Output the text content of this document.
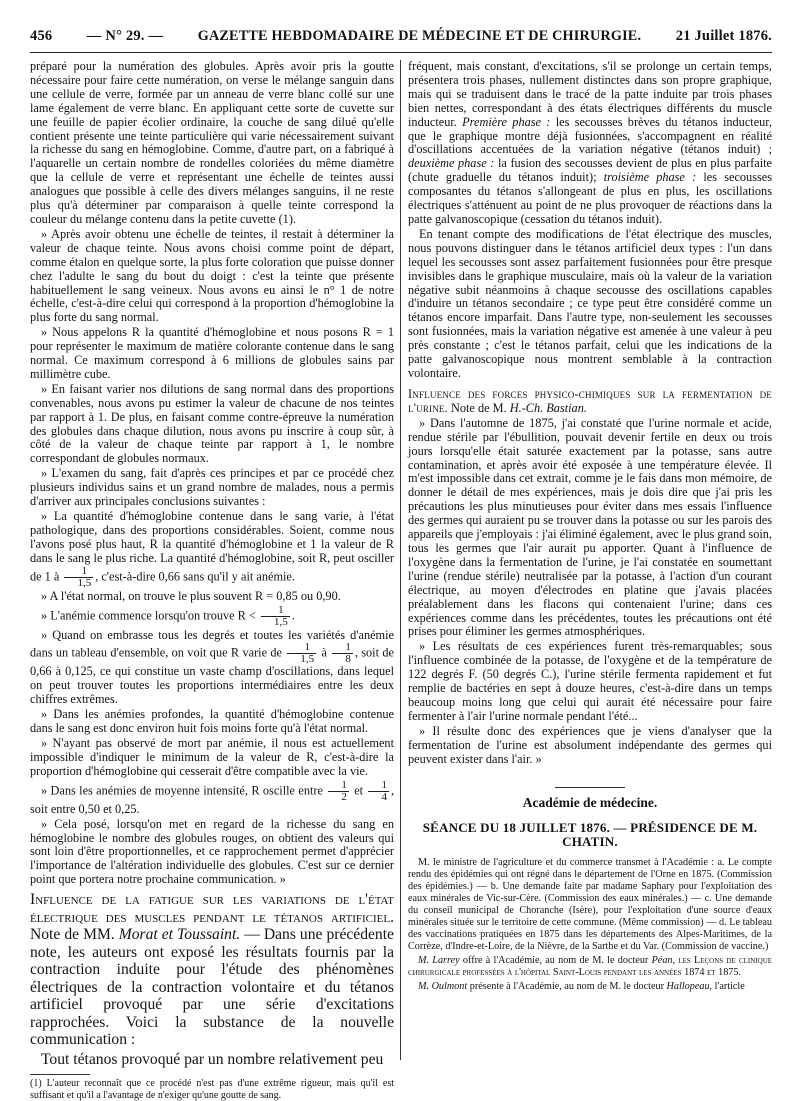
456 — N° 29. — GAZETTE HEBDOMADAIRE DE MÉDECINE ET DE CHIRURGIE. 21 Juillet 1876.

préparé pour la numération des globules. Après avoir pris la goutte nécessaire pour faire cette numération, on verse le mélange sanguin dans une cellule de verre, formée par un anneau de verre blanc collé sur une lame également de verre blanc. En appliquant cette sorte de cuvette sur une feuille de papier écolier ordinaire, la couche de sang dilué qu'elle contient présente une teinte particulière qui varie nécessairement suivant la richesse du sang en hémoglobine. Comme, d'autre part, on a fabriqué à l'aquarelle un certain nombre de rondelles coloriées du même diamètre que la cellule de verre et représentant une échelle de teintes aussi analogues que possible à celle des divers mélanges sanguins, il ne reste plus qu'à déterminer par comparaison à quelle teinte correspond la couleur du mélange contenu dans la petite cuvette (1).

» Après avoir obtenu une échelle de teintes, il restait à déterminer la valeur de chaque teinte. Nous avons choisi comme point de départ, comme étalon en quelque sorte, la plus forte coloration que puisse donner chez l'adulte le sang du bout du doigt : c'est la teinte que présente habituellement le sang veineux. Nous avons eu ainsi le n° 1 de notre échelle, c'est-à-dire celui qui correspond à la proportion d'hémoglobine la plus forte du sang normal.

» Nous appelons R la quantité d'hémoglobine et nous posons R = 1 pour représenter le maximum de matière colorante contenue dans le sang normal. Ce maximum correspond à 6 millions de globules sains par millimètre cube.

» En faisant varier nos dilutions de sang normal dans des proportions convenables, nous avons pu estimer la valeur de chacune de nos teintes par rapport à 1. De plus, en faisant comme contre-épreuve la numération des globules dans chaque dilution, nous avons pu inscrire à coup sûr, à côté de la valeur de chaque teinte par rapport à 1, le nombre correspondant de globules normaux.

» L'examen du sang, fait d'après ces principes et par ce procédé chez plusieurs individus sains et un grand nombre de malades, nous a permis d'arriver aux principales conclusions suivantes :

» La quantité d'hémoglobine contenue dans le sang varie, à l'état pathologique, dans des proportions considérables. Soient, comme nous l'avons posé plus haut, R la quantité d'hémoglobine et 1 la valeur de R dans le sang le plus riche. La quantité d'hémoglobine, soit R, peut osciller de 1 à $\frac{1}{1,5}$ , c'est-à-dire 0,66 sans qu'il y ait anémie.

» A l'état normal, on trouve le plus souvent R = 0,85 ou 0,90.

» L'anémie commence lorsqu'on trouve $R < \frac{1}{1,5}$ .

» Quand on embrasse tous les degrés et toutes les variétés d'anémie dans un tableau d'ensemble, on voit que R varie de $\frac{1}{1,5}$ à $\frac{1}{8}$ , soit de 0,66 à 0,125, ce qui constitue un vaste champ d'oscillations, dans lequel on peut trouver toutes les proportions intermédiaires entre les deux chiffres extrêmes.

» Dans les anémies profondes, la quantité d'hémoglobine contenue dans le sang est donc environ huit fois moins forte qu'à l'état normal.

» N'ayant pas observé de mort par anémie, il nous est actuellement impossible d'indiquer le minimum de la valeur de R, c'est-à-dire la proportion d'hémoglobine qui cesserait d'être compatible avec la vie.

» Dans les anémies de moyenne intensité, R oscille entre $\frac{1}{2}$ et $\frac{1}{4}$ , soit entre 0,50 et 0,25.

» Cela posé, lorsqu'on met en regard de la richesse du sang en hémoglobine le nombre des globules rouges, on obtient des valeurs qui sont loin d'être proportionnelles, et ce rapprochement permet d'apprécier l'importance de l'altération individuelle des globules. C'est sur ce dernier point que portera notre prochaine communication. »

Influence de la fatigue sur les variations de l'état électrique des muscles pendant le tétanos artificiel. Note de MM. Morat et Toussaint. — Dans une précédente note, les auteurs ont exposé les résultats fournis par la contraction induite pour l'étude des phénomènes électriques de la contraction volontaire et du tétanos artificiel provoqué par une série d'excitations rapprochées. Voici la substance de la nouvelle communication :

Tout tétanos provoqué par un nombre relativement peu

(1) L'auteur reconnaît que ce procédé n'est pas d'une extrême rigueur, mais qu'il est suffisant et qu'il a l'avantage de n'exiger qu'une goutte de sang.

fréquent, mais constant, d'excitations, s'il se prolonge un certain temps, présentera trois phases, nullement distinctes dans son propre graphique, mais qui se traduisent dans le tracé de la patte induite par trois phases bien nettes, correspondant à des états électriques différents du muscle inducteur. Première phase : les secousses brèves du tétanos inducteur, que le graphique montre déjà fusionnées, s'accompagnent en réalité d'oscillations accentuées de la variation négative (tétanos induit) ; deuxième phase : la fusion des secousses devient de plus en plus parfaite (chute graduelle du tétanos induit); troisième phase : les secousses composantes du tétanos s'allongeant de plus en plus, les oscillations électriques s'atténuent au point de ne plus provoquer de réactions dans la patte galvanoscopique (cessation du tétanos induit).

En tenant compte des modifications de l'état électrique des muscles, nous pouvons distinguer dans le tétanos artificiel deux types : l'un dans lequel les secousses sont assez parfaitement fusionnées pour être presque invisibles dans le graphique musculaire, mais où la valeur de la variation négative subit néanmoins à chaque secousse des oscillations capables d'induire un tétanos secondaire ; ce type peut être considéré comme un tétanos encore imparfait. Dans l'autre type, non-seulement les secousses sont fusionnées, mais la variation négative est amenée à une valeur à peu près constante ; c'est le tétanos parfait, celui que les indications de la patte galvanoscopique nous montrent semblable à la contraction volontaire.

Influence des forces physico-chimiques sur la fermentation de l'urine. Note de M. H.-Ch. Bastian.

» Dans l'automne de 1875, j'ai constaté que l'urine normale et acide, rendue stérile par l'ébullition, pouvait devenir fertile en deux ou trois jours lorsqu'elle était saturée exactement par la potasse, sans autre contamination, et après avoir été exposée à une température élevée. Il m'est impossible dans cet extrait, comme je le fais dans mon mémoire, de donner le détail de mes expériences, mais je dois dire que j'ai pris les précautions les plus minutieuses pour éviter dans mes essais l'influence des germes qui auraient pu se trouver dans la potasse ou sur les parois des appareils que j'employais : j'ai éliminé également, avec le plus grand soin, tous les germes que l'air aurait pu apporter. Quant à l'influence de l'oxygène dans la fermentation de l'urine, je l'ai constatée en soumettant l'urine (rendue stérile) neutralisée par la potasse, à l'action d'un courant électrique, au moyen d'électrodes en platine que j'avais placées préalablement dans les flacons qui contenaient l'urine; dans ces expériences comme dans les précédentes, toutes les précautions ont été prises pour éliminer les germes atmosphériques.

» Les résultats de ces expériences furent très-remarquables; sous l'influence combinée de la potasse, de l'oxygène et de la température de 122 degrés F. (50 degrés C.), l'urine stérile fermenta rapidement et fut remplie de bactéries en sept à douze heures, c'est-à-dire dans un temps beaucoup moins long que celui qui aurait été nécessaire pour faire fermenter à l'air l'urine normale pendant l'été...

» Il résulte donc des expériences que je viens d'analyser que la fermentation de l'urine est absolument indépendante des germes qui peuvent exister dans l'air. »

Académie de médecine.
SÉANCE DU 18 JUILLET 1876. — PRÉSIDENCE DE M. CHATIN.

M. le ministre de l'agriculture et du commerce transmet à l'Académie : a. Le compte rendu des épidémies qui ont régné dans le département de l'Orne en 1875. (Commission des épidémies.) — b. Une demande faite par madame Saphary pour l'exploitation des eaux minérales de Vic-sur-Cère. (Commission des eaux minérales.) — c. Une demande du conseil municipal de Choranche (Isère), pour l'exploitation d'une source d'eaux minérales située sur le territoire de cette commune. (Même commission) — d. Le tableau des vaccinations pratiquées en 1875 dans les départements des Alpes-Maritimes, de la Corrèze, d'Indre-et-Loire, de la Nièvre, de la Sarthe et du Var. (Commission de vaccine.)

M. Larrey offre à l'Académie, au nom de M. le docteur Péan, les Leçons de clinique chirurgicale professées à l'hôpital Saint-Louis pendant les années 1874 et 1875.

M. Oulmont présente à l'Académie, au nom de M. le docteur Hallopeau, l'article
